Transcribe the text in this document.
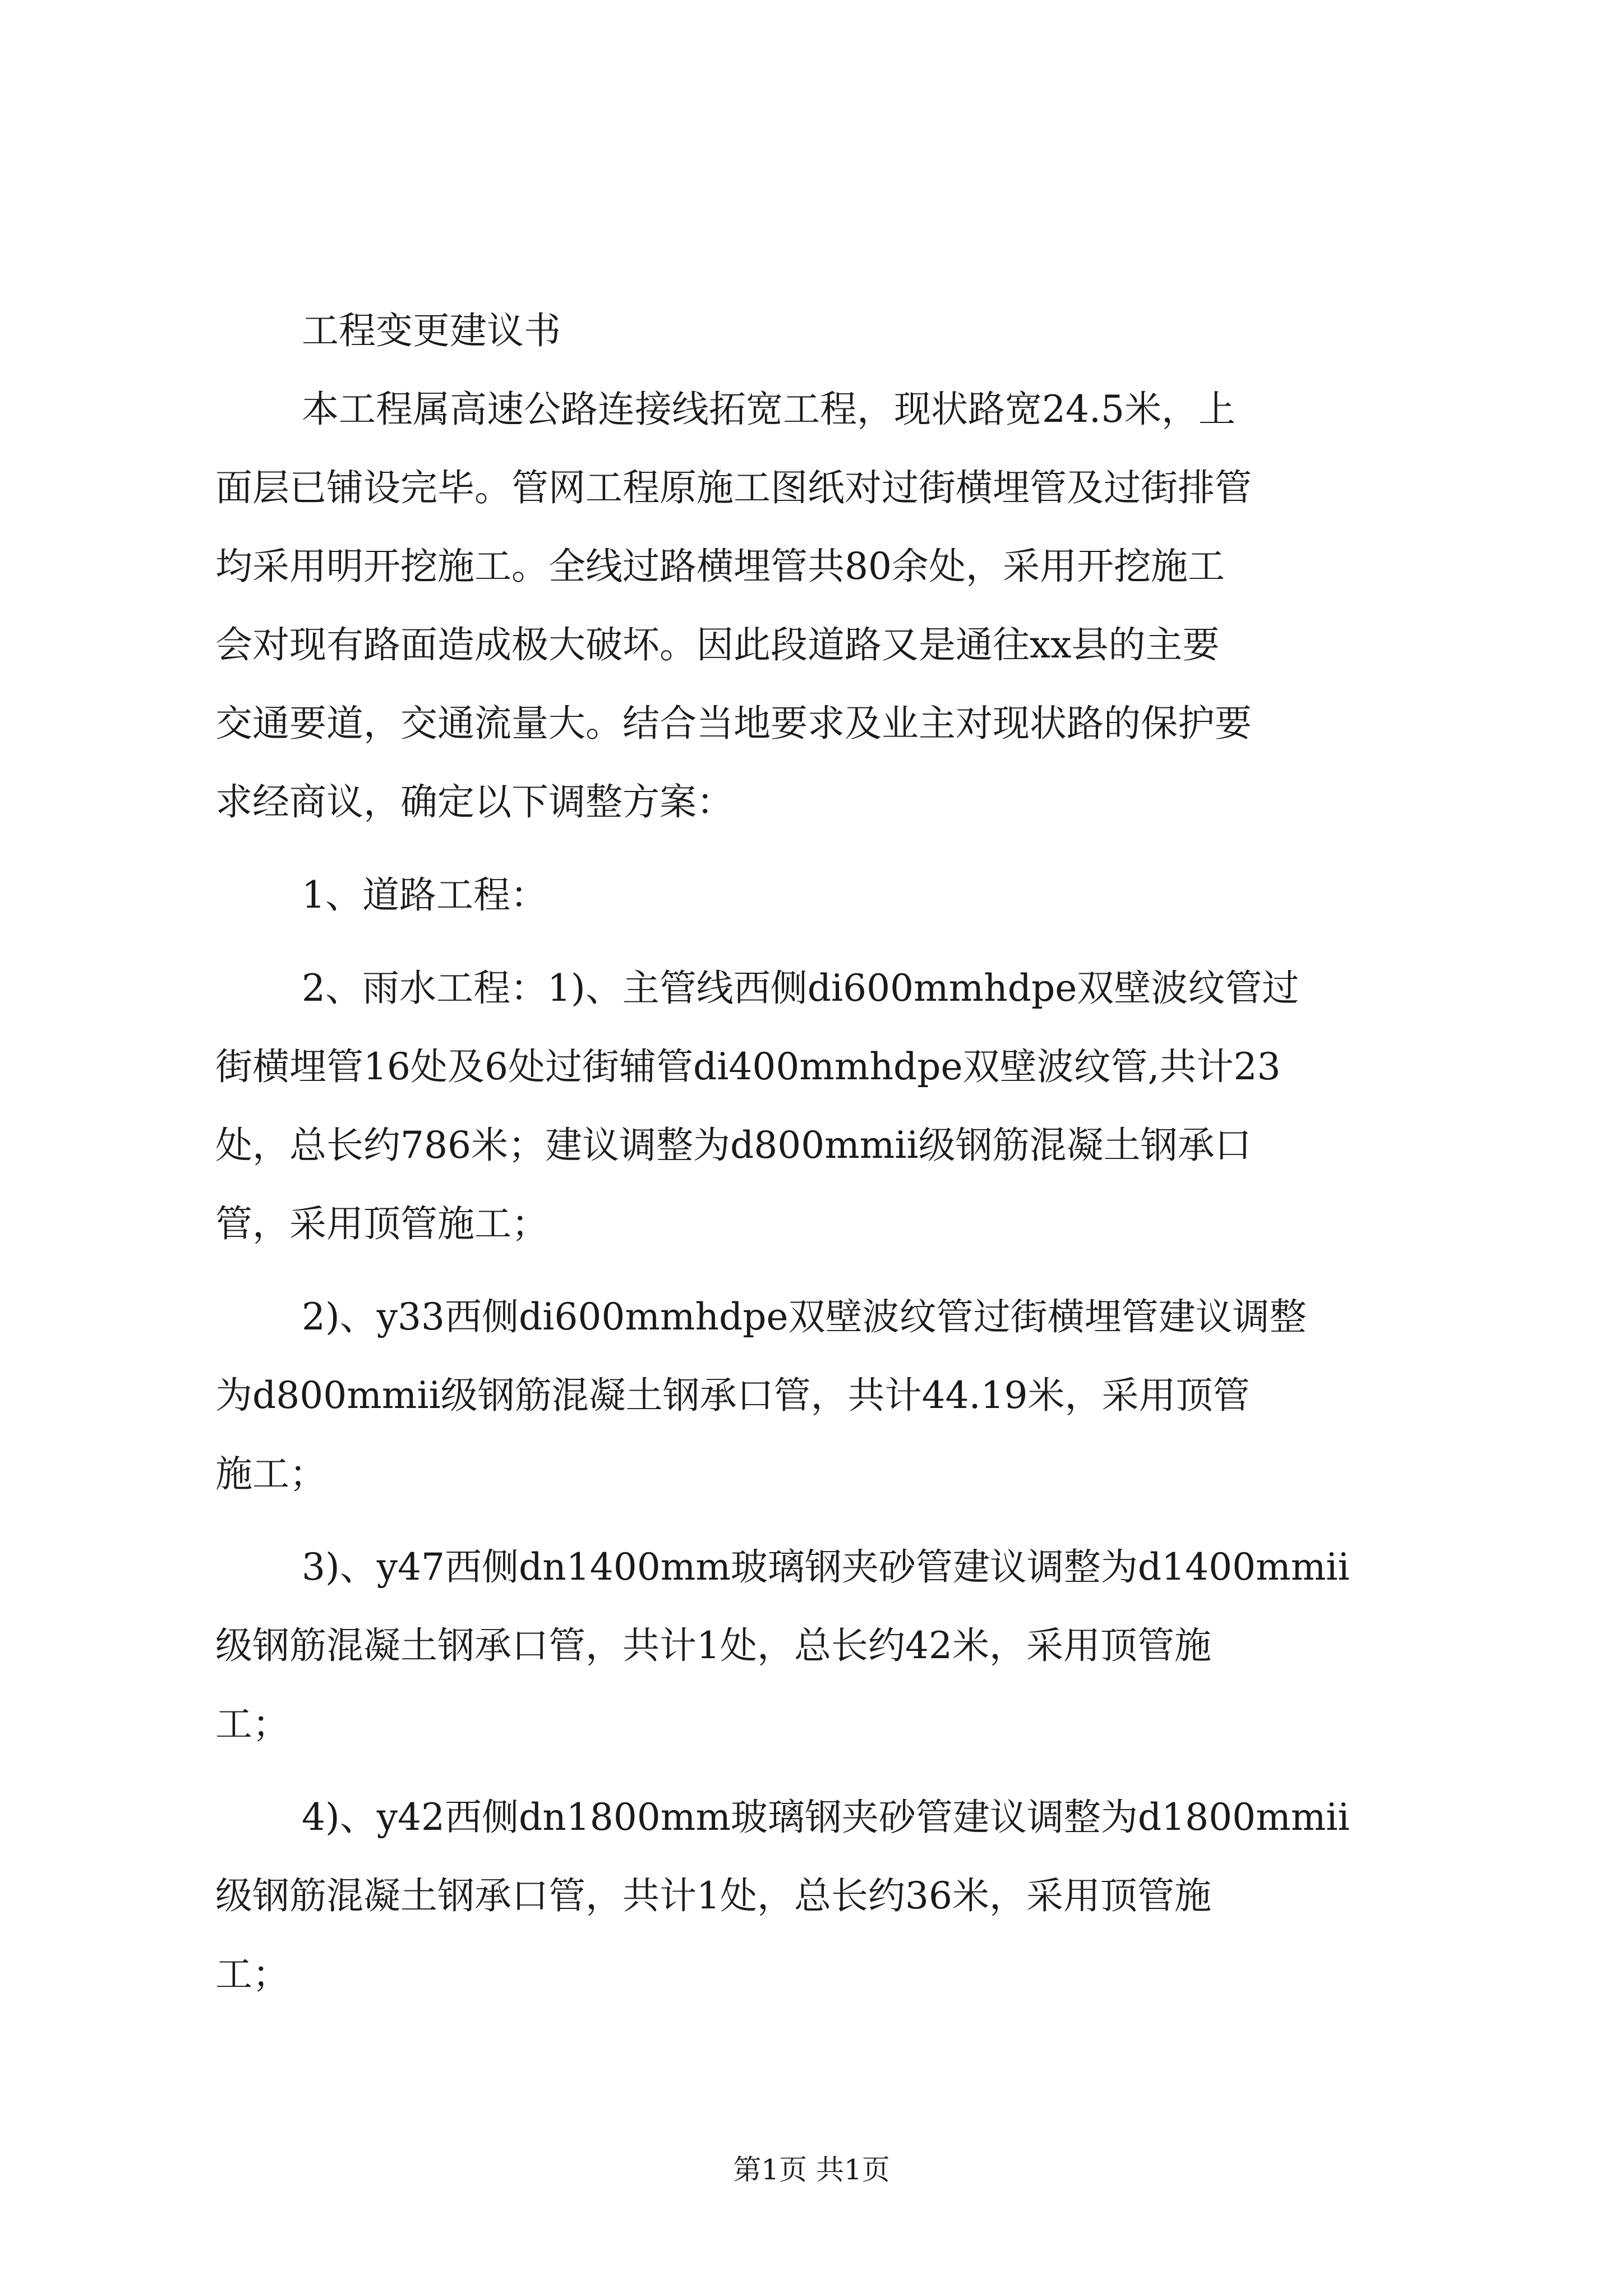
工程变更建议书
本工程属高速公路连接线拓宽工程，现状路宽24.5米，上
面层已铺设完毕。管网工程原施工图纸对过街横埋管及过街排管
均采用明开挖施工。全线过路横埋管共80余处，采用开挖施工
会对现有路面造成极大破坏。因此段道路又是通往xx县的主要
交通要道，交通流量大。结合当地要求及业主对现状路的保护要
求经商议，确定以下调整方案：
1、道路工程：
2、雨水工程：1)、主管线西侧di600mmhdpe双壁波纹管过
街横埋管16处及6处过街辅管di400mmhdpe双壁波纹管,共计23
处，总长约786米；建议调整为d800mmii级钢筋混凝土钢承口
管，采用顶管施工；
2)、y33西侧di600mmhdpe双壁波纹管过街横埋管建议调整
为d800mmii级钢筋混凝土钢承口管，共计44.19米，采用顶管
施工；
3)、y47西侧dn1400mm玻璃钢夹砂管建议调整为d1400mmii
级钢筋混凝土钢承口管，共计1处，总长约42米，采用顶管施
工；
4)、y42西侧dn1800mm玻璃钢夹砂管建议调整为d1800mmii
级钢筋混凝土钢承口管，共计1处，总长约36米，采用顶管施
工；
第1页 共1页
